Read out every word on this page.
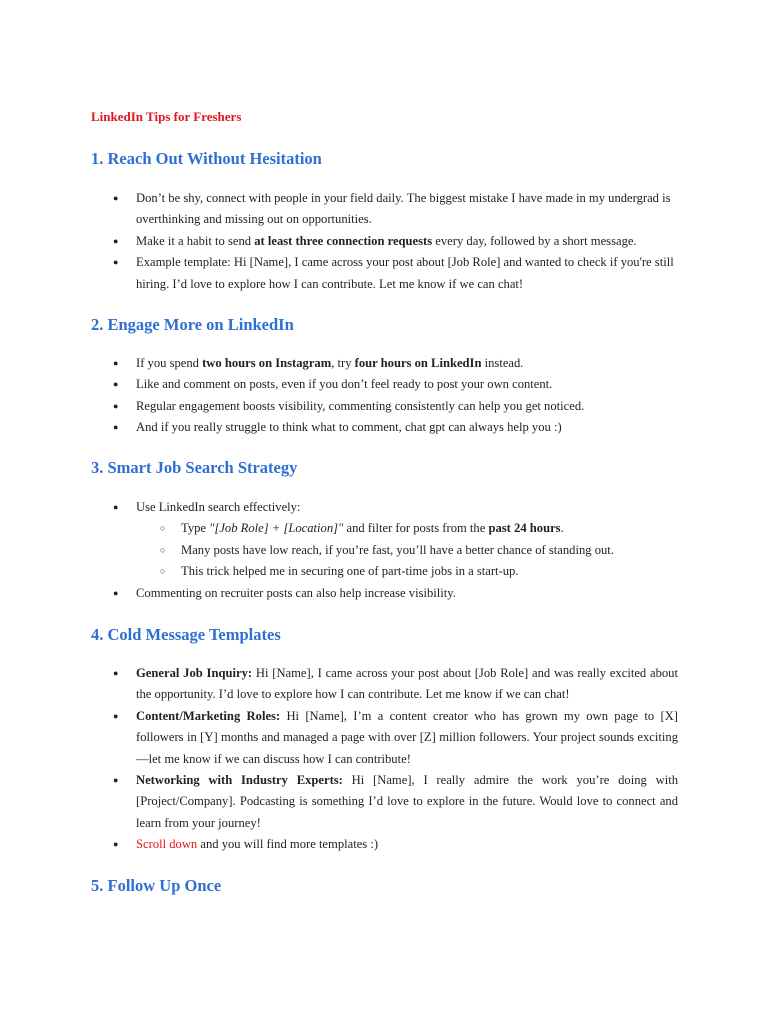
LinkedIn Tips for Freshers
1. Reach Out Without Hesitation
● Don’t be shy, connect with people in your field daily. The biggest mistake I have made in my undergrad is overthinking and missing out on opportunities.
● Make it a habit to send at least three connection requests every day, followed by a short message.
● Example template: Hi [Name], I came across your post about [Job Role] and wanted to check if you're still hiring. I’d love to explore how I can contribute. Let me know if we can chat!
2. Engage More on LinkedIn
● If you spend two hours on Instagram, try four hours on LinkedIn instead.
● Like and comment on posts, even if you don’t feel ready to post your own content.
● Regular engagement boosts visibility, commenting consistently can help you get noticed.
● And if you really struggle to think what to comment, chat gpt can always help you :)
3. Smart Job Search Strategy
● Use LinkedIn search effectively:
○ Type "[Job Role] + [Location]" and filter for posts from the past 24 hours.
○ Many posts have low reach, if you’re fast, you’ll have a better chance of standing out.
○ This trick helped me in securing one of part-time jobs in a start-up.
● Commenting on recruiter posts can also help increase visibility.
4. Cold Message Templates
● General Job Inquiry: Hi [Name], I came across your post about [Job Role] and was really excited about the opportunity. I’d love to explore how I can contribute. Let me know if we can chat!
● Content/Marketing Roles: Hi [Name], I’m a content creator who has grown my own page to [X] followers in [Y] months and managed a page with over [Z] million followers. Your project sounds exciting—let me know if we can discuss how I can contribute!
● Networking with Industry Experts: Hi [Name], I really admire the work you’re doing with [Project/Company]. Podcasting is something I’d love to explore in the future. Would love to connect and learn from your journey!
● Scroll down and you will find more templates :)
5. Follow Up Once
